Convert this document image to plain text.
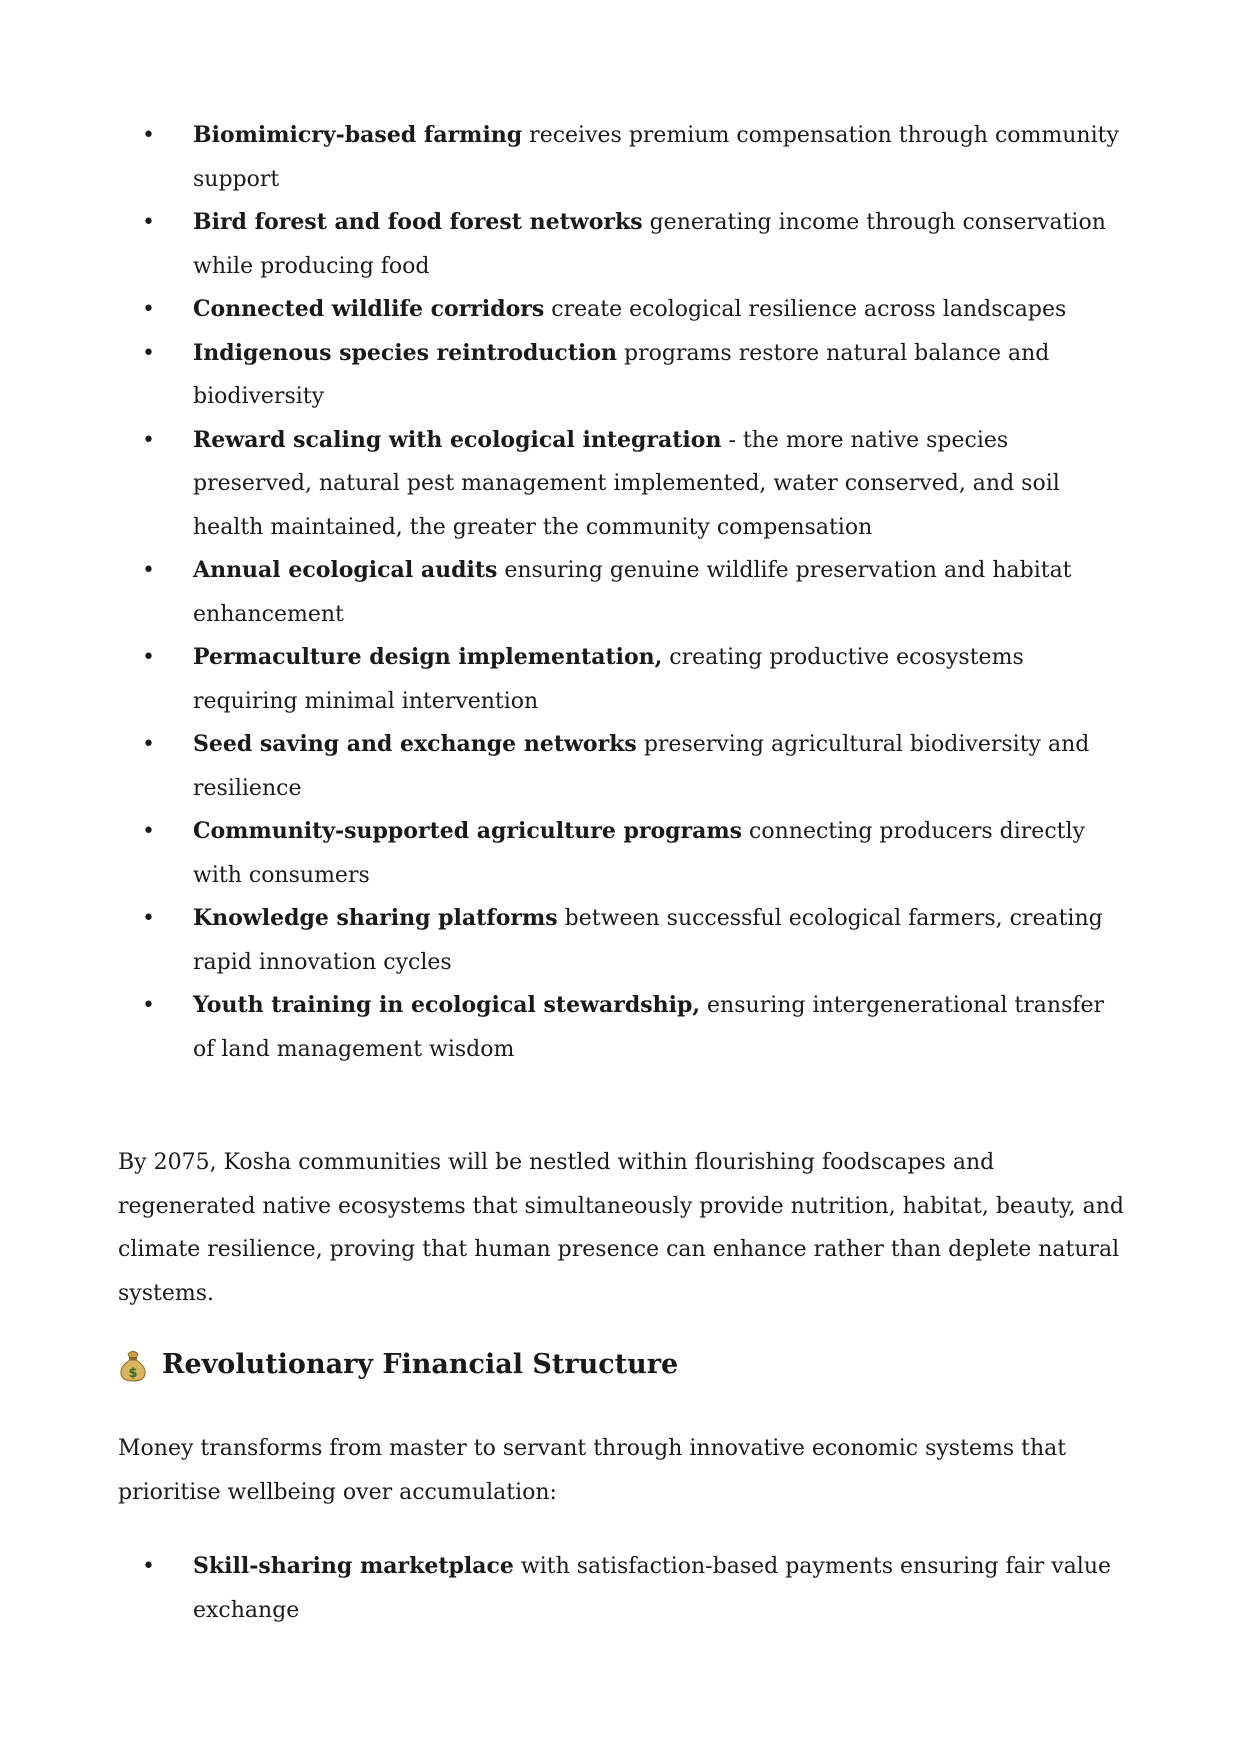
• Biomimicry-based farming receives premium compensation through community support
• Bird forest and food forest networks generating income through conservation while producing food
• Connected wildlife corridors create ecological resilience across landscapes
• Indigenous species reintroduction programs restore natural balance and biodiversity
• Reward scaling with ecological integration - the more native species preserved, natural pest management implemented, water conserved, and soil health maintained, the greater the community compensation
• Annual ecological audits ensuring genuine wildlife preservation and habitat enhancement
• Permaculture design implementation, creating productive ecosystems requiring minimal intervention
• Seed saving and exchange networks preserving agricultural biodiversity and resilience
• Community-supported agriculture programs connecting producers directly with consumers
• Knowledge sharing platforms between successful ecological farmers, creating rapid innovation cycles
• Youth training in ecological stewardship, ensuring intergenerational transfer of land management wisdom

By 2075, Kosha communities will be nestled within flourishing foodscapes and regenerated native ecosystems that simultaneously provide nutrition, habitat, beauty, and climate resilience, proving that human presence can enhance rather than deplete natural systems.

$ Revolutionary Financial Structure

Money transforms from master to servant through innovative economic systems that prioritise wellbeing over accumulation:

• Skill-sharing marketplace with satisfaction-based payments ensuring fair value exchange
